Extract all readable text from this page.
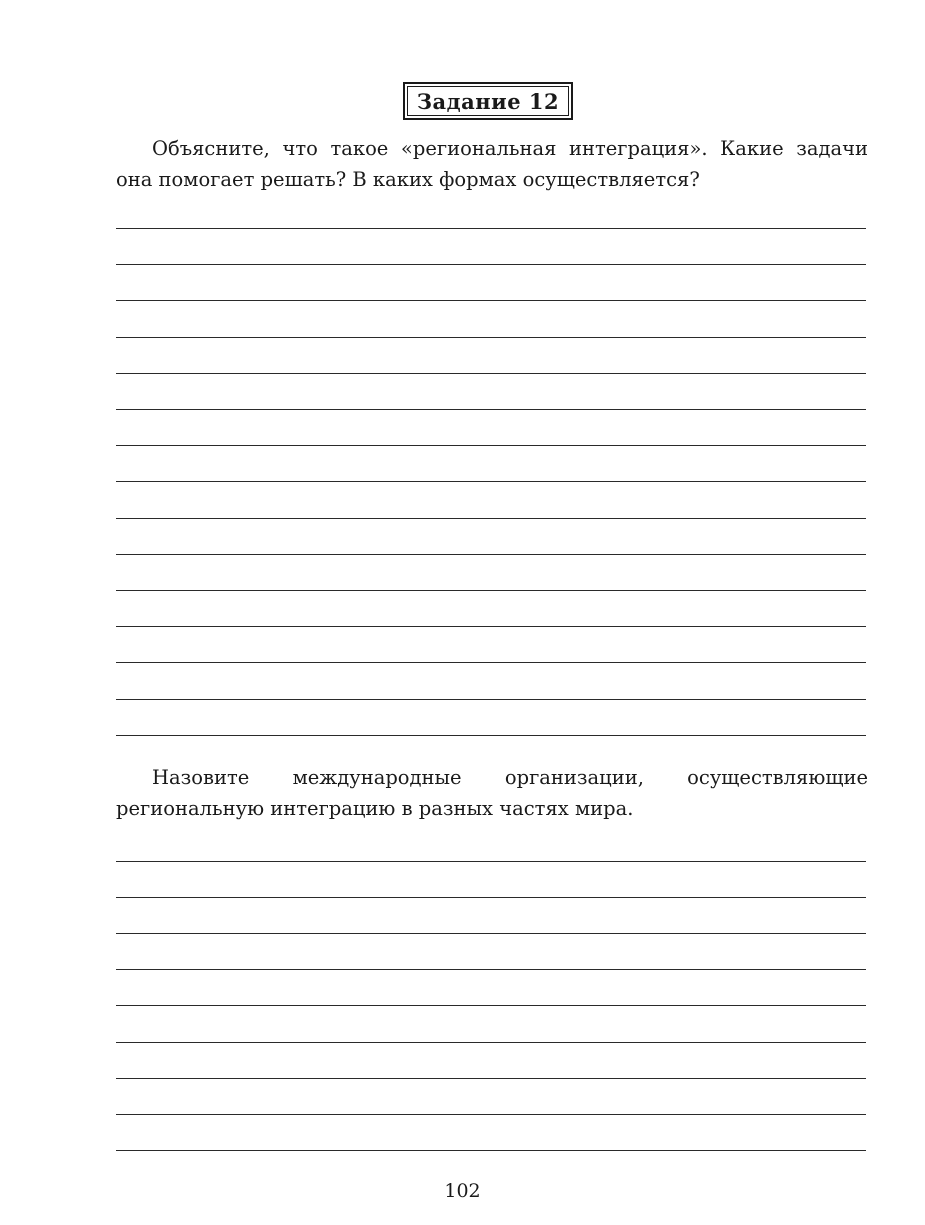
Задание 12

Объясните, что такое «региональная интеграция». Какие задачи она помогает решать? В каких формах осуществляется?

Назовите международные организации, осуществляющие региональную интеграцию в разных частях мира.

102
